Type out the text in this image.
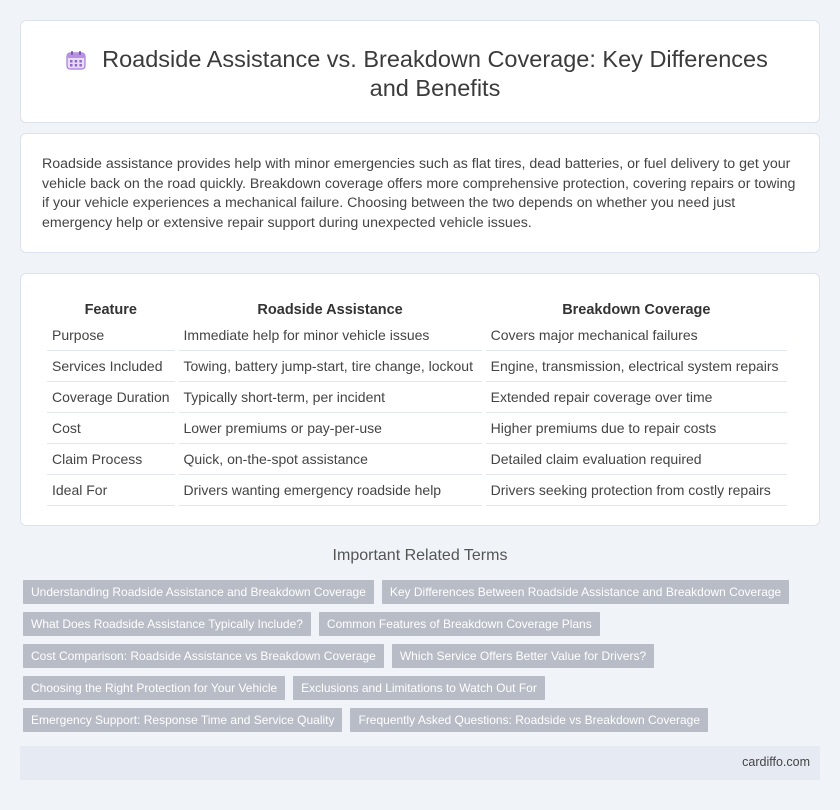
Roadside Assistance vs. Breakdown Coverage: Key Differences and Benefits

Roadside assistance provides help with minor emergencies such as flat tires, dead batteries, or fuel delivery to get your vehicle back on the road quickly. Breakdown coverage offers more comprehensive protection, covering repairs or towing if your vehicle experiences a mechanical failure. Choosing between the two depends on whether you need just emergency help or extensive repair support during unexpected vehicle issues.

Feature	Roadside Assistance	Breakdown Coverage
Purpose	Immediate help for minor vehicle issues	Covers major mechanical failures
Services Included	Towing, battery jump-start, tire change, lockout	Engine, transmission, electrical system repairs
Coverage Duration	Typically short-term, per incident	Extended repair coverage over time
Cost	Lower premiums or pay-per-use	Higher premiums due to repair costs
Claim Process	Quick, on-the-spot assistance	Detailed claim evaluation required
Ideal For	Drivers wanting emergency roadside help	Drivers seeking protection from costly repairs
Important Related Terms
Understanding Roadside Assistance and Breakdown Coverage	Key Differences Between Roadside Assistance and Breakdown Coverage
What Does Roadside Assistance Typically Include?	Common Features of Breakdown Coverage Plans
Cost Comparison: Roadside Assistance vs Breakdown Coverage	Which Service Offers Better Value for Drivers?
Choosing the Right Protection for Your Vehicle	Exclusions and Limitations to Watch Out For
Emergency Support: Response Time and Service Quality	Frequently Asked Questions: Roadside vs Breakdown Coverage
cardiffo.com
